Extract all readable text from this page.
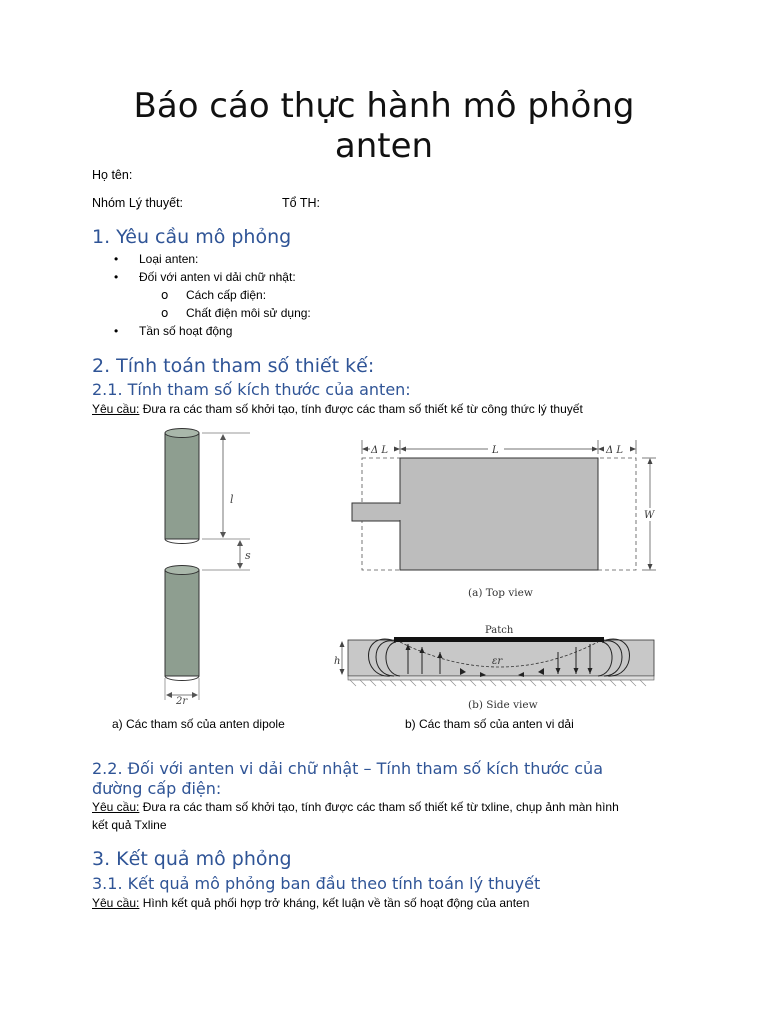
Báo cáo thực hành mô phỏng anten
Họ tên:
Nhóm Lý thuyết:	Tổ TH:
1. Yêu cầu mô phỏng
• Loại anten:
• Đối với anten vi dải chữ nhật:
o Cách cấp điện:
o Chất điện môi sử dụng:
• Tần số hoạt động
2. Tính toán tham số thiết kế:
2.1. Tính tham số kích thước của anten:
Yêu cầu: Đưa ra các tham số khởi tạo, tính được các tham số thiết kế từ công thức lý thuyết
l
s
2r
Δ L	L	Δ L
W
(a) Top view
Patch
εr
h
(b) Side view
a) Các tham số của anten dipole	b) Các tham số của anten vi dải
2.2. Đối với anten vi dải chữ nhật – Tính tham số kích thước của
đường cấp điện:
Yêu cầu: Đưa ra các tham số khởi tạo, tính được các tham số thiết kế từ txline, chụp ảnh màn hình
kết quả Txline
3. Kết quả mô phỏng
3.1. Kết quả mô phỏng ban đầu theo tính toán lý thuyết
Yêu cầu: Hình kết quả phối hợp trở kháng, kết luận về tần số hoạt động của anten
